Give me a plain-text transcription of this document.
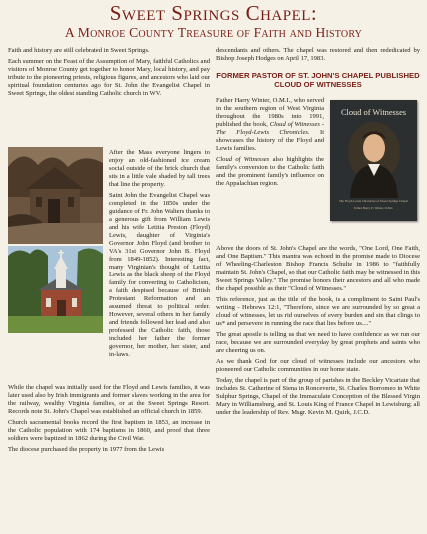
Sweet Springs Chapel:
A Monroe County Treasure of Faith and History

Faith and history are still celebrated in Sweet Springs.

Each summer on the Feast of the Assumption of Mary, faithful Catholics and visitors of Monroe County get together to honor Mary, local history, and pay tribute to the pioneering priests, religious figures, and ancestors who laid our spiritual foundation centuries ago for St. John the Evangelist Chapel in Sweet Springs, the oldest standing Catholic church in WV.

After the Mass everyone lingers to enjoy an old-fashioned ice cream social outside of the brick church that sits in a little vale shaded by tall trees that line the property.

Saint John the Evangelist Chapel was completed in the 1850s under the guidance of Fr. John Walters thanks to a generous gift from William Lewis and his wife Letitia Preston (Floyd) Lewis, daughter of Virginia's Governor John Floyd (and brother to VA's 31st Governor John B. Floyd from 1849-1852). Interesting fact, many Virginian's thought of Letitia Lewis as the black sheep of the Floyd family for converting to Catholicism, a faith despised because of British Protestant Reformation and an assumed threat to political order. However, several others in her family and friends followed her lead and also professed the Catholic faith, those included her father the former governor, her mother, her sister, and in-laws.

While the chapel was initially used for the Floyd and Lewis families, it was later used also by Irish immigrants and former slaves working in the area for the railway, wealthy Virginia families, or at the Sweet Springs Resort. Records note St. John's Chapel was established an official church in 1859.

Church sacramental books record the first baptism in 1853, an increase in the Catholic population with 174 baptisms in 1860, and proof that three soldiers were baptized in 1862 during the Civil War.

The diocese purchased the property in 1977 from the Lewis

descendants and others. The chapel was restored and then rededicated by Bishop Joseph Hodges on April 17, 1983.

FORMER PASTOR OF ST. JOHN'S CHAPEL PUBLISHED CLOUD OF WITNESSES

Father Harry Winter, O.M.I., who served in the southern region of West Virginia throughout the 1980s into 1991, published the book, Cloud of Witnesses - The Floyd-Lewis Chronicles. It showcases the history of the Floyd and Lewis families.

Cloud of Witnesses also highlights the family's conversion to the Catholic faith and the prominent family's influence on the Appalachian region.

Cloud of Witnesses
The Floyd-Lewis Chronicles of Sweet Springs Chapel
Father Harry E. Winter, O.M.I.

Above the doors of St. John's Chapel are the words, "One Lord, One Faith, and One Baptism." This mantra was echoed in the promise made to Diocese of Wheeling-Charleston Bishop Francis Schulte in 1986 to "faithfully maintain St. John's Chapel, so that our Catholic faith may be witnessed in this Sweet Springs Valley." The promise honors their ancestors and all who made the chapel possible as their "Cloud of Witnesses."

This reference, just as the title of the book, is a compliment to Saint Paul's writing - Hebrews 12:1, "Therefore, since we are surrounded by so great a cloud of witnesses, let us rid ourselves of every burden and sin that clings to us* and persevere in running the race that lies before us...."

The great apostle is telling us that we need to have confidence as we run our race, because we are surrounded everyday by great prophets and saints who are cheering us on.

As we thank God for our cloud of witnesses include our ancestors who pioneered our Catholic communities in our home state.

Today, the chapel is part of the group of parishes in the Beckley Vicariate that includes St. Catherine of Siena in Ronceverte, St. Charles Borromeo in White Sulphur Springs, Chapel of the Immaculate Conception of the Blessed Virgin Mary in Williamsburg, and St. Louis King of France Chapel in Lewisburg; all under the leadership of Rev. Msgr. Kevin M. Quirk, J.C.D.
